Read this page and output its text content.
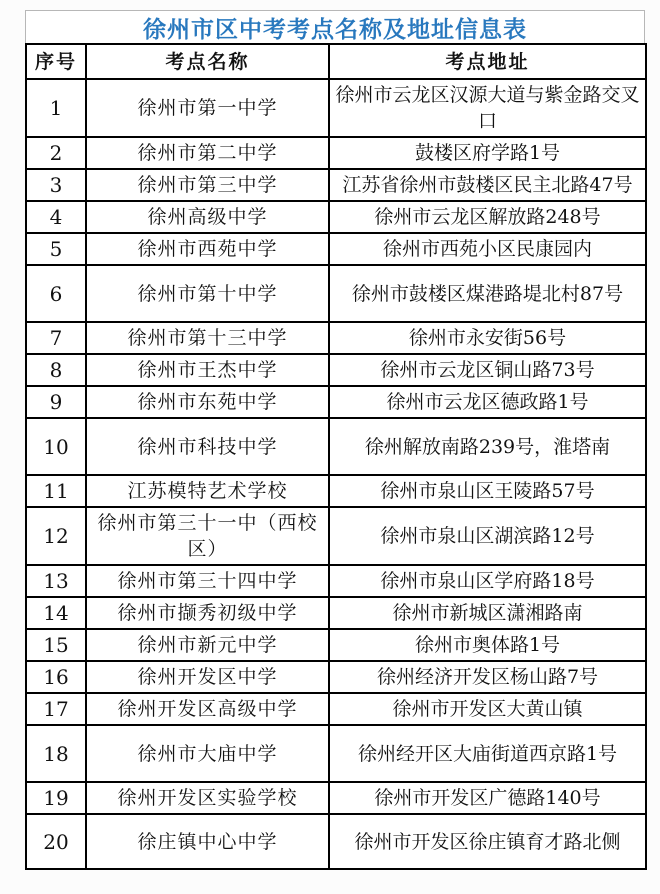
徐州市区中考考点名称及地址信息表
序号	考点名称	考点地址
1	徐州市第一中学	徐州市云龙区汉源大道与紫金路交叉口
2	徐州市第二中学	鼓楼区府学路1号
3	徐州市第三中学	江苏省徐州市鼓楼区民主北路47号
4	徐州高级中学	徐州市云龙区解放路248号
5	徐州市西苑中学	徐州市西苑小区民康园内
6	徐州市第十中学	徐州市鼓楼区煤港路堤北村87号
7	徐州市第十三中学	徐州市永安街56号
8	徐州市王杰中学	徐州市云龙区铜山路73号
9	徐州市东苑中学	徐州市云龙区德政路1号
10	徐州市科技中学	徐州解放南路239号，淮塔南
11	江苏模特艺术学校	徐州市泉山区王陵路57号
12	徐州市第三十一中（西校区）	徐州市泉山区湖滨路12号
13	徐州市第三十四中学	徐州市泉山区学府路18号
14	徐州市撷秀初级中学	徐州市新城区潇湘路南
15	徐州市新元中学	徐州市奥体路1号
16	徐州开发区中学	徐州经济开发区杨山路7号
17	徐州开发区高级中学	徐州市开发区大黄山镇
18	徐州市大庙中学	徐州经开区大庙街道西京路1号
19	徐州开发区实验学校	徐州市开发区广德路140号
20	徐庄镇中心中学	徐州市开发区徐庄镇育才路北侧
